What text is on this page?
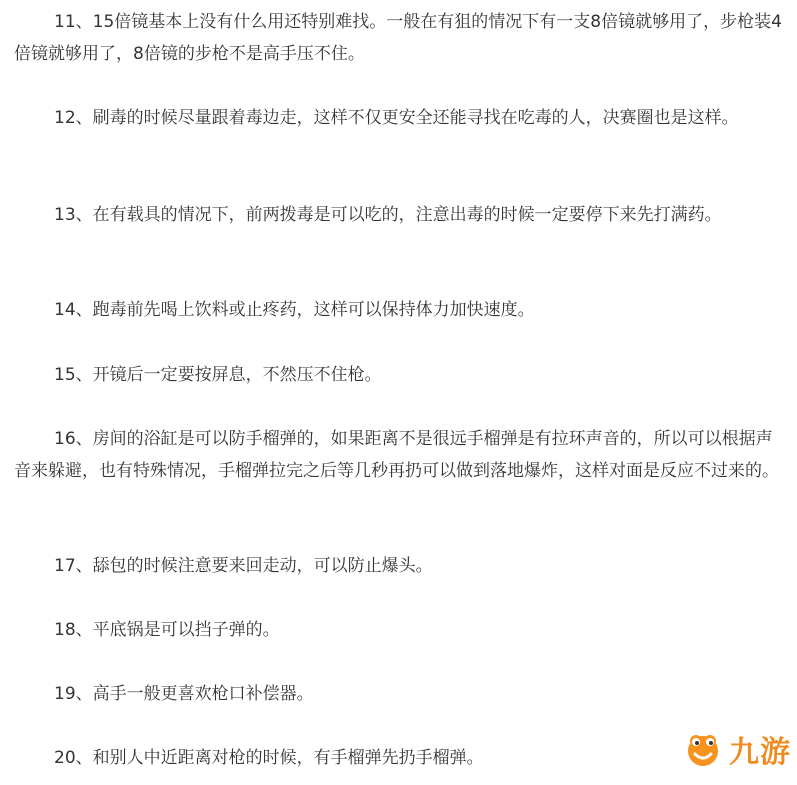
11、15倍镜基本上没有什么用还特别难找。一般在有狙的情况下有一支8倍镜就够用了，步枪装4倍镜就够用了，8倍镜的步枪不是高手压不住。

12、刷毒的时候尽量跟着毒边走，这样不仅更安全还能寻找在吃毒的人，决赛圈也是这样。

13、在有载具的情况下，前两拨毒是可以吃的，注意出毒的时候一定要停下来先打满药。

14、跑毒前先喝上饮料或止疼药，这样可以保持体力加快速度。

15、开镜后一定要按屏息，不然压不住枪。

16、房间的浴缸是可以防手榴弹的，如果距离不是很远手榴弹是有拉环声音的，所以可以根据声音来躲避，也有特殊情况，手榴弹拉完之后等几秒再扔可以做到落地爆炸，这样对面是反应不过来的。

17、舔包的时候注意要来回走动，可以防止爆头。

18、平底锅是可以挡子弹的。

19、高手一般更喜欢枪口补偿器。

20、和别人中近距离对枪的时候，有手榴弹先扔手榴弹。	九游
